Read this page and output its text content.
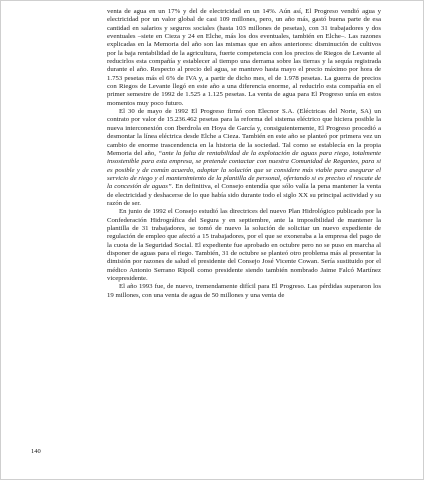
venta de agua en un 17% y del de electricidad en un 14%. Aún así, El Progreso vendió agua y electricidad por un valor global de casi 109 millones, pero, un año más, gastó buena parte de esa cantidad en salarios y seguros sociales (hasta 103 millones de pesetas), con 31 trabajadores y dos eventuales –siete en Cieza y 24 en Elche, más los dos eventuales, también en Elche–. Las razones explicadas en la Memoria del año son las mismas que en años anteriores: disminución de cultivos por la baja rentabilidad de la agricultura, fuerte competencia con los precios de Riegos de Levante al reducirlos esta compañía y establecer al tiempo una derrama sobre las tierras y la sequía registrada durante el año. Respecto al precio del agua, se mantuvo hasta mayo el precio máximo por hora de 1.753 pesetas más el 6% de IVA y, a partir de dicho mes, el de 1.978 pesetas. La guerra de precios con Riegos de Levante llegó en este año a una diferencia enorme, al reducirlo esta compañía en el primer semestre de 1992 de 1.525 a 1.125 pesetas. La venta de agua para El Progreso unía en estos momentos muy poco futuro.

El 30 de mayo de 1992 El Progreso firmó con Elecnor S.A. (Eléctricas del Norte, SA) un contrato por valor de 15.236.462 pesetas para la reforma del sistema eléctrico que hiciera posible la nueva interconexión con Iberdrola en Hoya de García y, consiguientemente, El Progreso procedió a desmontar la línea eléctrica desde Elche a Cieza. También en este año se planteó por primera vez un cambio de enorme trascendencia en la historia de la sociedad. Tal como se establecía en la propia Memoria del año, “ante la falta de rentabilidad de la explotación de aguas para riego, totalmente insostenible para esta empresa, se pretende contactar con nuestra Comunidad de Regantes, para si es posible y de común acuerdo, adoptar la solución que se considere más viable para asegurar el servicio de riego y el mantenimiento de la plantilla de personal, ofertando si es preciso el rescate de la concesión de aguas”. En definitiva, el Consejo entendía que sólo valía la pena mantener la venta de electricidad y deshacerse de lo que había sido durante todo el siglo XX su principal actividad y su razón de ser.

En junio de 1992 el Consejo estudió las directrices del nuevo Plan Hidrológico publicado por la Confederación Hidrográfica del Segura y en septiembre, ante la imposibilidad de mantener la plantilla de 31 trabajadores, se tomó de nuevo la solución de solicitar un nuevo expediente de regulación de empleo que afectó a 15 trabajadores, por el que se exoneraba a la empresa del pago de la cuota de la Seguridad Social. El expediente fue aprobado en octubre pero no se puso en marcha al disponer de aguas para el riego. También, 31 de octubre se planteó otro problema más al presentar la dimisión por razones de salud el presidente del Consejo José Vicente Cowan. Sería sustituido por el médico Antonio Serrano Ripoll como presidente siendo también nombrado Jaime Falcó Martínez vicepresidente.

El año 1993 fue, de nuevo, tremendamente difícil para El Progreso. Las pérdidas superaron los 19 millones, con una venta de agua de 50 millones y una venta de

140
